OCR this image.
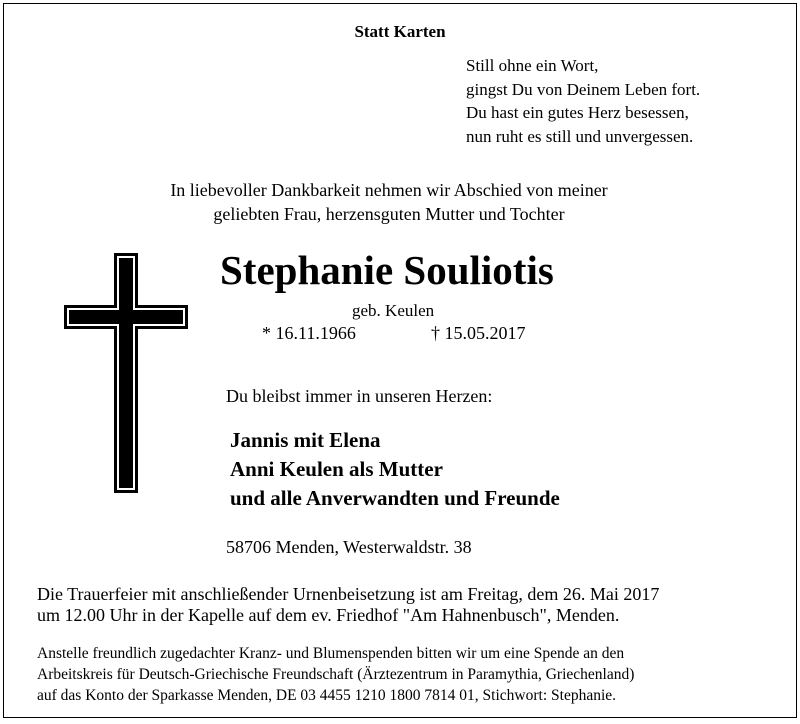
Statt Karten
Still ohne ein Wort,
gingst Du von Deinem Leben fort.
Du hast ein gutes Herz besessen,
nun ruht es still und unvergessen.
In liebevoller Dankbarkeit nehmen wir Abschied von meiner
geliebten Frau, herzensguten Mutter und Tochter
Stephanie Souliotis
geb. Keulen
* 16.11.1966	† 15.05.2017
Du bleibst immer in unseren Herzen:
Jannis mit Elena
Anni Keulen als Mutter
und alle Anverwandten und Freunde
58706 Menden, Westerwaldstr. 38
Die Trauerfeier mit anschließender Urnenbeisetzung ist am Freitag, dem 26. Mai 2017
um 12.00 Uhr in der Kapelle auf dem ev. Friedhof "Am Hahnenbusch", Menden.
Anstelle freundlich zugedachter Kranz- und Blumenspenden bitten wir um eine Spende an den
Arbeitskreis für Deutsch-Griechische Freundschaft (Ärztezentrum in Paramythia, Griechenland)
auf das Konto der Sparkasse Menden, DE 03 4455 1210 1800 7814 01, Stichwort: Stephanie.
